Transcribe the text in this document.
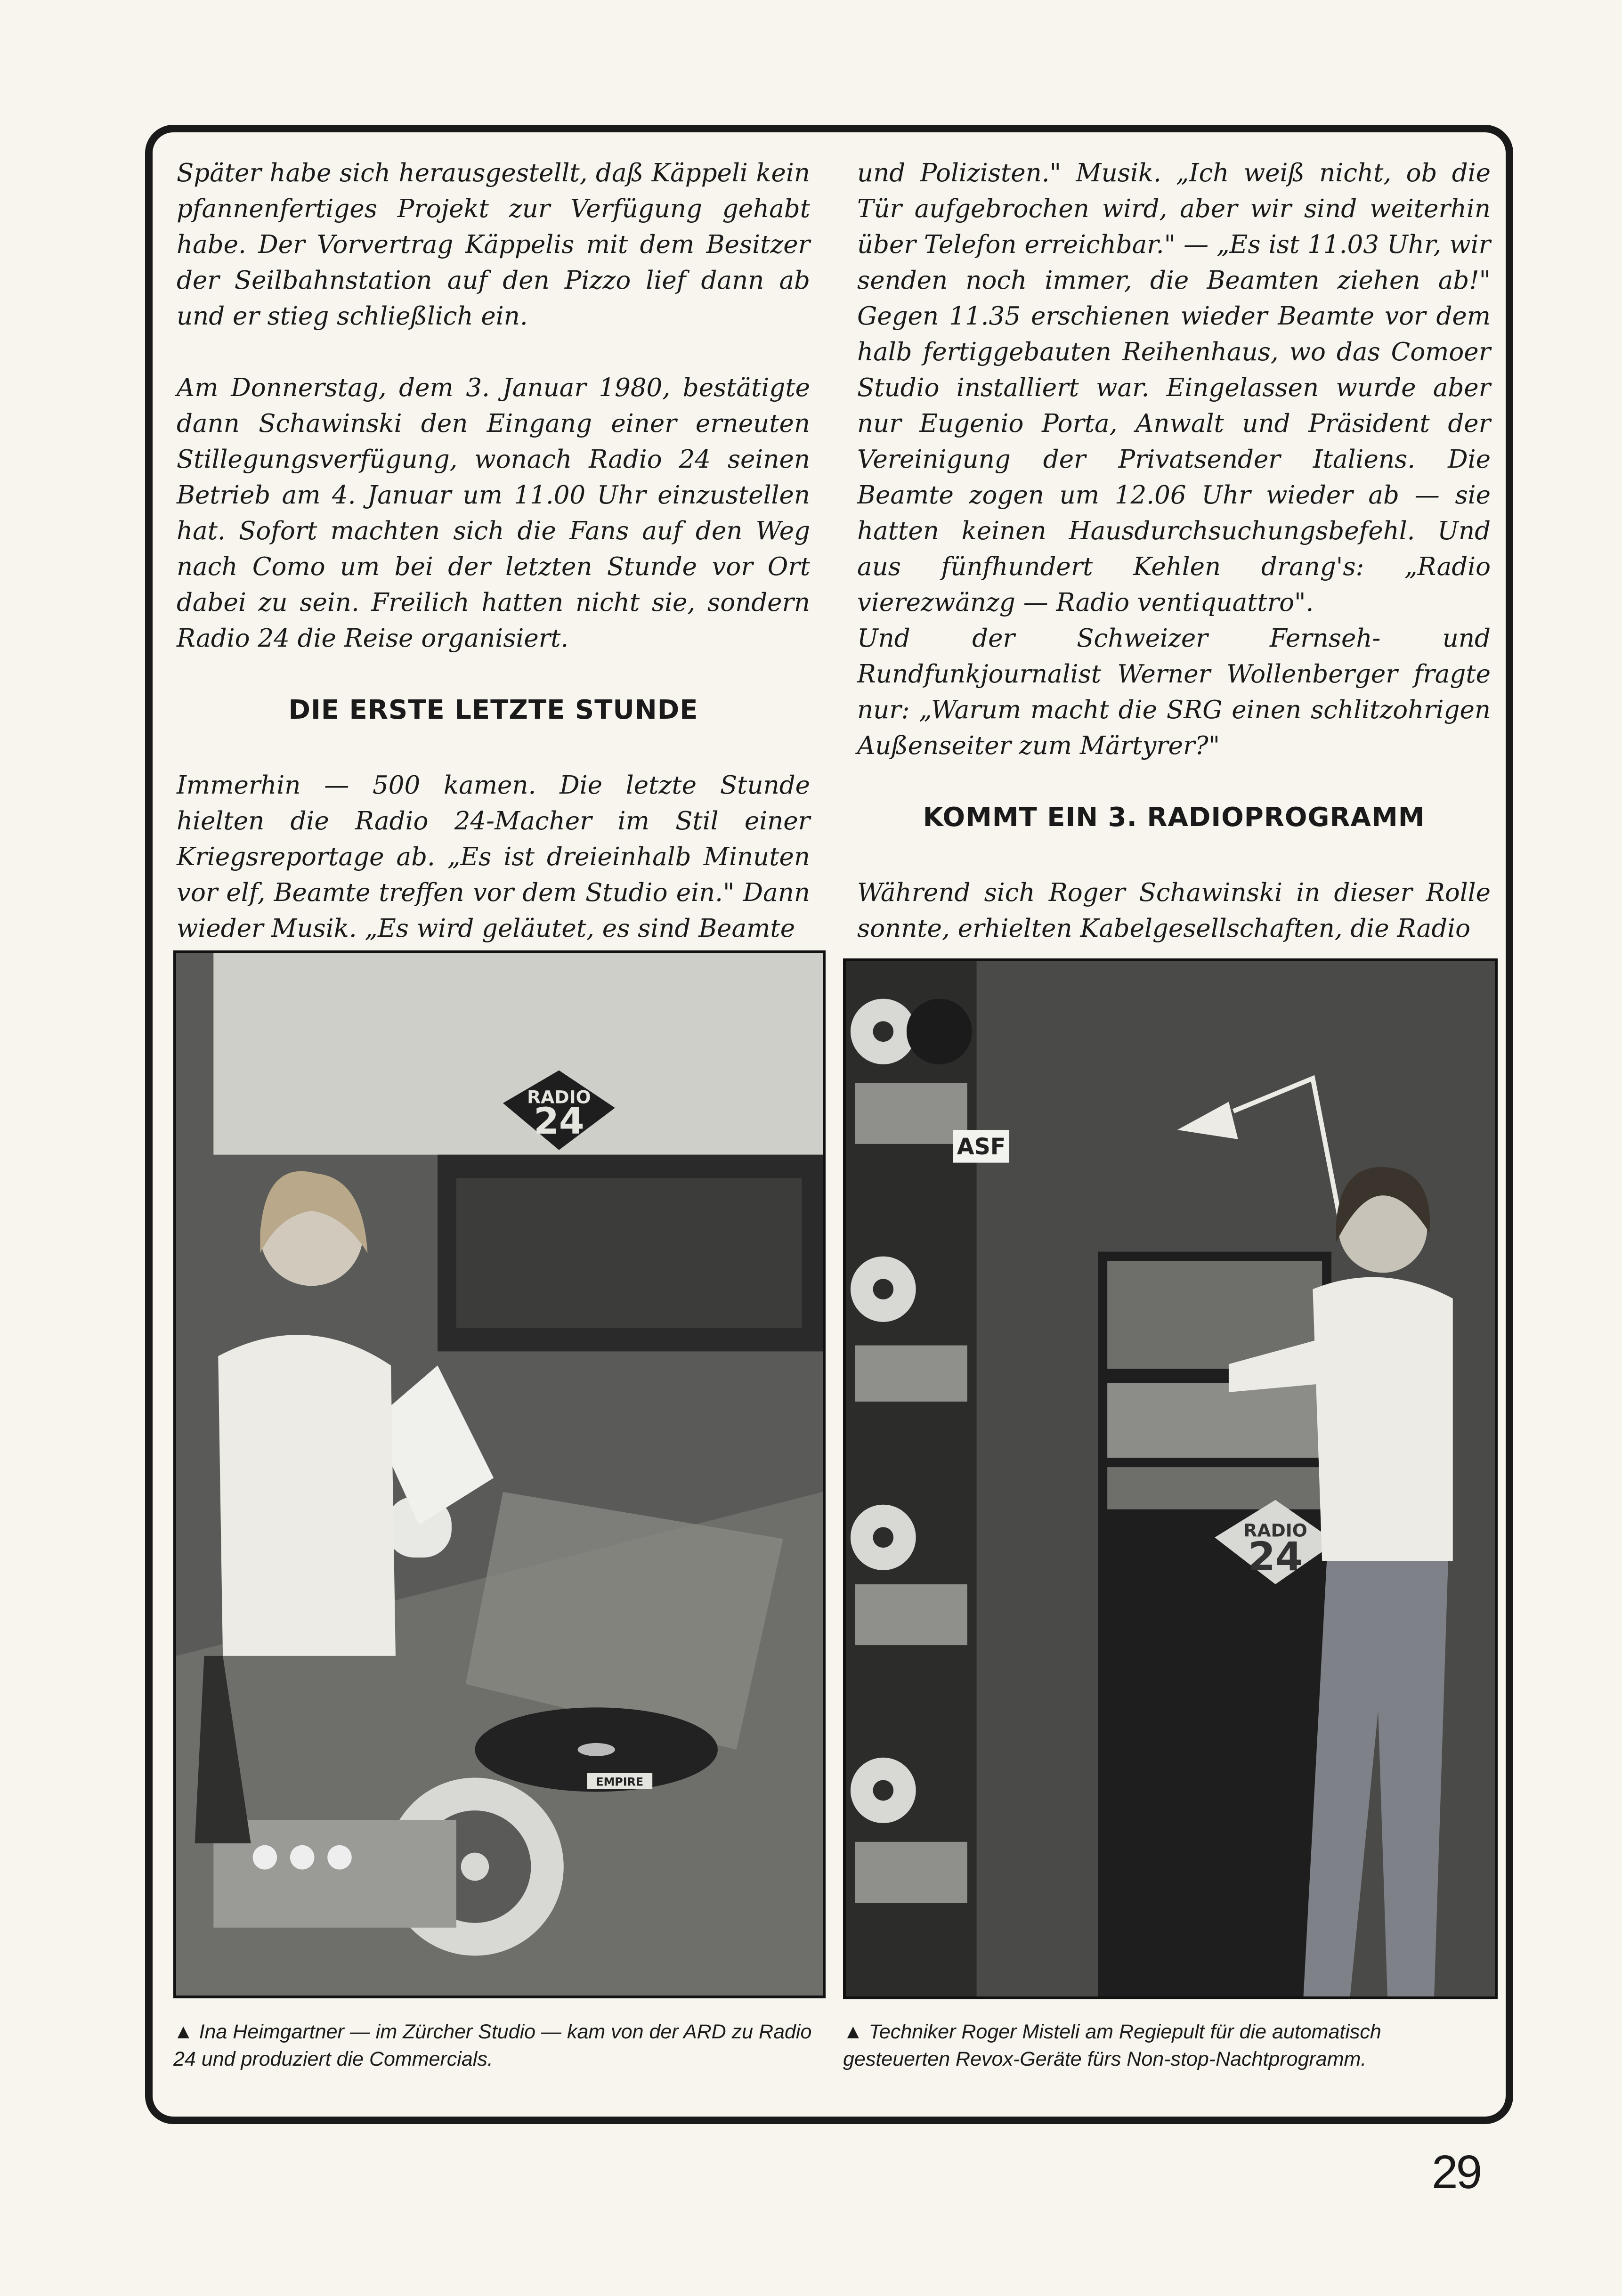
Später habe sich herausgestellt, daß Käppeli kein pfannenfertiges Projekt zur Verfügung gehabt habe. Der Vorvertrag Käppelis mit dem Besitzer der Seilbahnstation auf den Pizzo lief dann ab und er stieg schließlich ein.

Am Donnerstag, dem 3. Januar 1980, bestätigte dann Schawinski den Eingang einer erneuten Stillegungsverfügung, wonach Radio 24 seinen Betrieb am 4. Januar um 11.00 Uhr einzustellen hat. Sofort machten sich die Fans auf den Weg nach Como um bei der letzten Stunde vor Ort dabei zu sein. Freilich hatten nicht sie, sondern Radio 24 die Reise organisiert.

DIE ERSTE LETZTE STUNDE

Immerhin — 500 kamen. Die letzte Stunde hielten die Radio 24-Macher im Stil einer Kriegsreportage ab. „Es ist dreieinhalb Minuten vor elf, Beamte treffen vor dem Studio ein." Dann wieder Musik. „Es wird geläutet, es sind Beamte

und Polizisten." Musik. „Ich weiß nicht, ob die Tür aufgebrochen wird, aber wir sind weiterhin über Telefon erreichbar." — „Es ist 11.03 Uhr, wir senden noch immer, die Beamten ziehen ab!" Gegen 11.35 erschienen wieder Beamte vor dem halb fertiggebauten Reihenhaus, wo das Comoer Studio installiert war. Eingelassen wurde aber nur Eugenio Porta, Anwalt und Präsident der Vereinigung der Privatsender Italiens. Die Beamte zogen um 12.06 Uhr wieder ab — sie hatten keinen Hausdurchsuchungsbefehl. Und aus fünfhundert Kehlen drang's: „Radio vierezwänzg — Radio ventiquattro".

Und der Schweizer Fernseh- und Rundfunkjournalist Werner Wollenberger fragte nur: „Warum macht die SRG einen schlitzohrigen Außenseiter zum Märtyrer?"

KOMMT EIN 3. RADIOPROGRAMM

Während sich Roger Schawinski in dieser Rolle sonnte, erhielten Kabelgesellschaften, die Radio

RADIO
24
EMPIRE
ASF
RADIO
24
▲ Ina Heimgartner — im Zürcher Studio — kam von der ARD zu Radio 24 und produziert die Commercials.
▲ Techniker Roger Misteli am Regiepult für die automatisch gesteuerten Revox-Geräte fürs Non-stop-Nachtprogramm.
29
